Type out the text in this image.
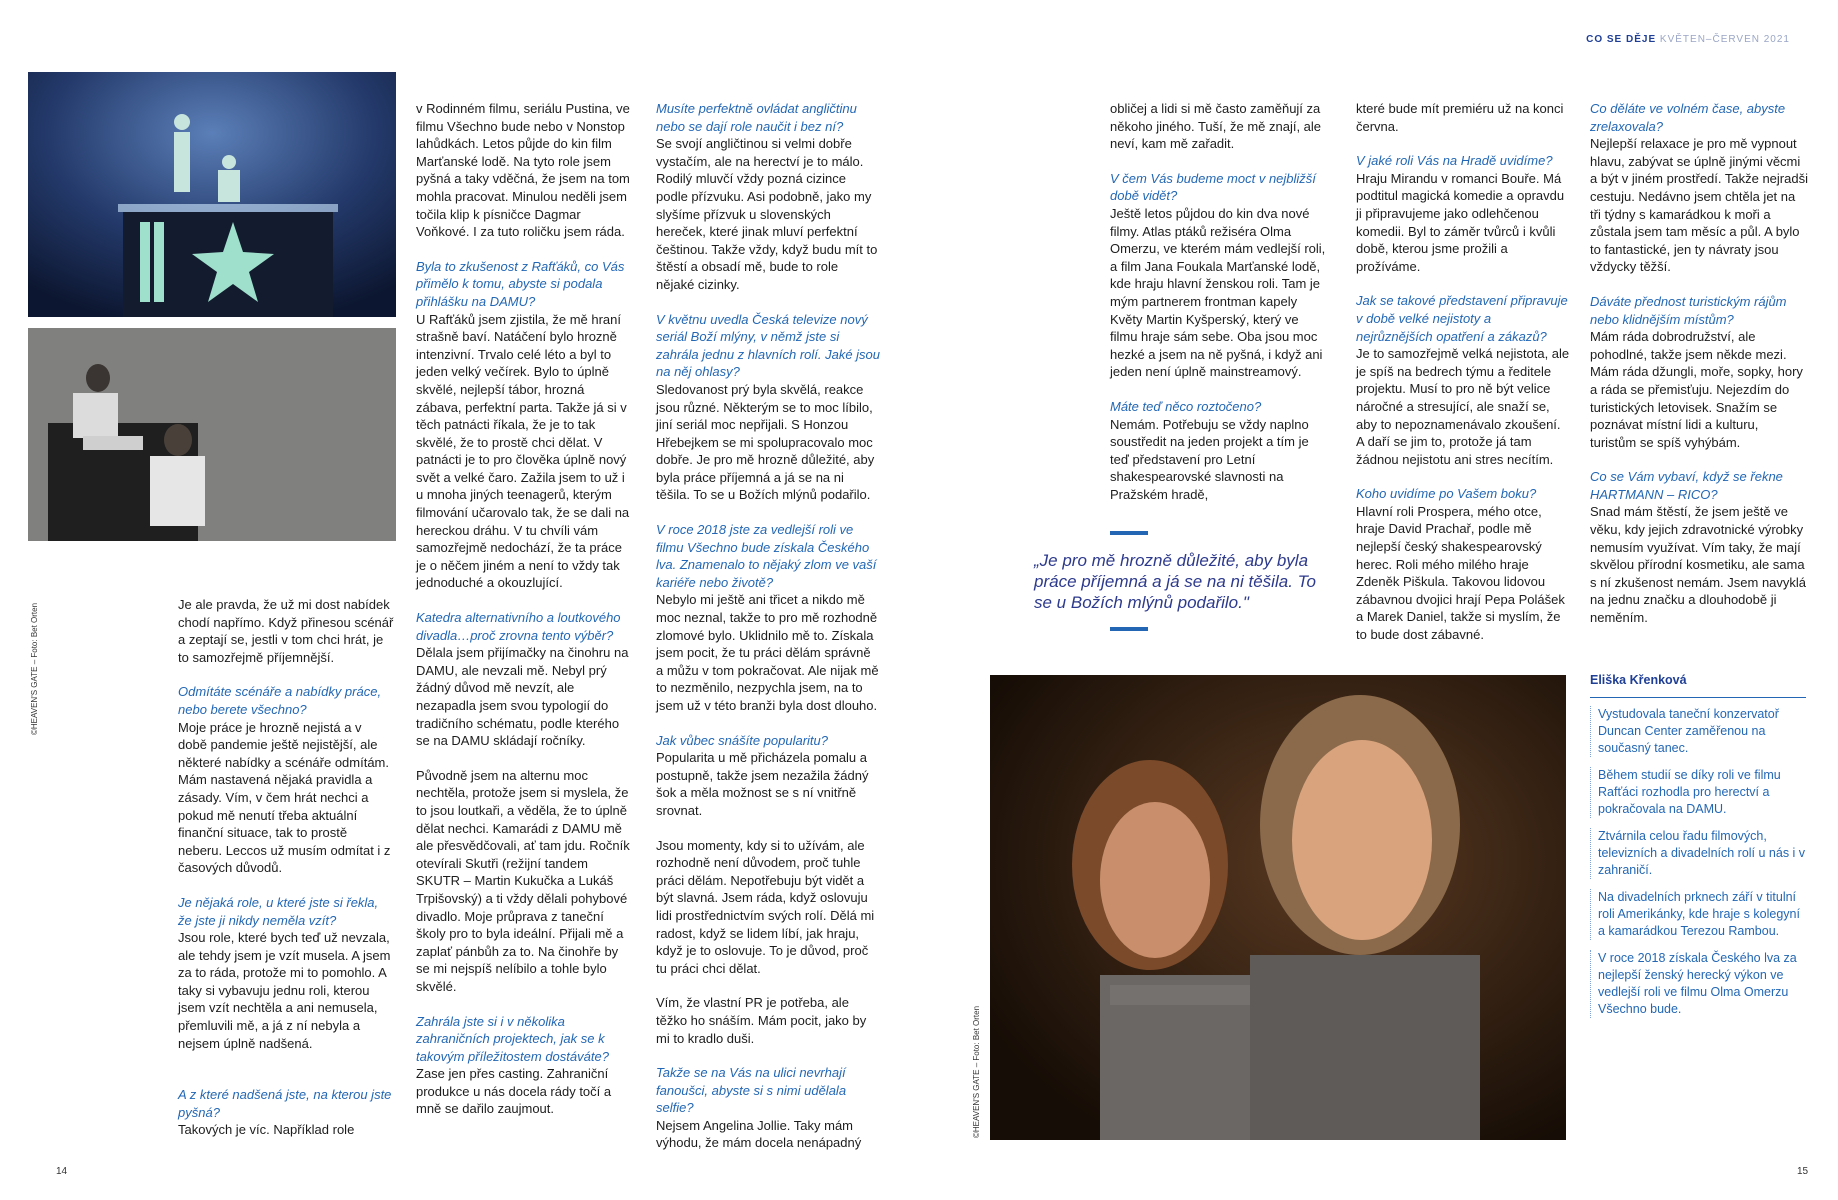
CO SE DĚJE KVĚTEN–ČERVEN 2021
©HEAVEN'S GATE – Foto: Bet Orten	Je ale pravda, že už mi dost nabídek chodí napřímo. Když přinesou scénář a zeptají se, jestli v tom chci hrát, je to samozřejmě příjemnější.

Odmítáte scénáře a nabídky práce, nebo berete všechno?
Moje práce je hrozně nejistá a v době pandemie ještě nejistější, ale některé nabídky a scénáře odmítám. Mám nastavená nějaká pravidla a zásady. Vím, v čem hrát nechci a pokud mě nenutí třeba aktuální finanční situace, tak to prostě neberu. Leccos už musím odmítat i z časových důvodů.

Je nějaká role, u které jste si řekla, že jste ji nikdy neměla vzít?
Jsou role, které bych teď už nevzala, ale tehdy jsem je vzít musela. A jsem za to ráda, protože mi to pomohlo. A taky si vybavuju jednu roli, kterou jsem vzít nechtěla a ani nemusela, přemluvili mě, a já z ní nebyla a nejsem úplně nadšená.

A z které nadšená jste, na kterou jste pyšná?
Takových je víc. Například role

v Rodinném filmu, seriálu Pustina, ve filmu Všechno bude nebo v Nonstop lahůdkách. Letos půjde do kin film Marťanské lodě. Na tyto role jsem pyšná a taky vděčná, že jsem na tom mohla pracovat. Minulou neděli jsem točila klip k písničce Dagmar Voňkové. I za tuto roličku jsem ráda.

Byla to zkušenost z Rafťáků, co Vás přimělo k tomu, abyste si podala přihlášku na DAMU?
U Rafťáků jsem zjistila, že mě hraní strašně baví. Natáčení bylo hrozně intenzivní. Trvalo celé léto a byl to jeden velký večírek. Bylo to úplně skvělé, nejlepší tábor, hrozná zábava, perfektní parta. Takže já si v těch patnácti říkala, že je to tak skvělé, že to prostě chci dělat. V patnácti je to pro člověka úplně nový svět a velké čaro. Zažila jsem to už i u mnoha jiných teenagerů, kterým filmování učarovalo tak, že se dali na hereckou dráhu. V tu chvíli vám samozřejmě nedochází, že ta práce je o něčem jiném a není to vždy tak jednoduché a okouzlující.

Katedra alternativního a loutkového divadla…proč zrovna tento výběr?
Dělala jsem přijímačky na činohru na DAMU, ale nevzali mě. Nebyl prý žádný důvod mě nevzít, ale nezapadla jsem svou typologií do tradičního schématu, podle kterého se na DAMU skládají ročníky.

Původně jsem na alternu moc nechtěla, protože jsem si myslela, že to jsou loutkaři, a věděla, že to úplně dělat nechci. Kamarádi z DAMU mě ale přesvědčovali, ať tam jdu. Ročník otevírali Skutři (režijní tandem SKUTR – Martin Kukučka a Lukáš Trpišovský) a ti vždy dělali pohybové divadlo. Moje průprava z taneční školy pro to byla ideální. Přijali mě a zaplať pánbůh za to. Na činohře by se mi nejspíš nelíbilo a tohle bylo skvělé.

Zahrála jste si i v několika zahraničních projektech, jak se k takovým příležitostem dostáváte?
Zase jen přes casting. Zahraniční produkce u nás docela rády točí a mně se dařilo zaujmout.

Musíte perfektně ovládat angličtinu nebo se dají role naučit i bez ní?
Se svojí angličtinou si velmi dobře vystačím, ale na herectví je to málo. Rodilý mluvčí vždy pozná cizince podle přízvuku. Asi podobně, jako my slyšíme přízvuk u slovenských hereček, které jinak mluví perfektní češtinou. Takže vždy, když budu mít to štěstí a obsadí mě, bude to role nějaké cizinky.

V květnu uvedla Česká televize nový seriál Boží mlýny, v němž jste si zahrála jednu z hlavních rolí. Jaké jsou na něj ohlasy?
Sledovanost prý byla skvělá, reakce jsou různé. Některým se to moc líbilo, jiní seriál moc nepřijali. S Honzou Hřebejkem se mi spolupracovalo moc dobře. Je pro mě hrozně důležité, aby byla práce příjemná a já se na ni těšila. To se u Božích mlýnů podařilo.

V roce 2018 jste za vedlejší roli ve filmu Všechno bude získala Českého lva. Znamenalo to nějaký zlom ve vaší kariéře nebo životě?
Nebylo mi ještě ani třicet a nikdo mě moc neznal, takže to pro mě rozhodně zlomové bylo. Uklidnilo mě to. Získala jsem pocit, že tu práci dělám správně a můžu v tom pokračovat. Ale nijak mě to nezměnilo, nezpychla jsem, na to jsem už v této branži byla dost dlouho.

Jak vůbec snášíte popularitu?
Popularita u mě přicházela pomalu a postupně, takže jsem nezažila žádný šok a měla možnost se s ní vnitřně srovnat.

Jsou momenty, kdy si to užívám, ale rozhodně není důvodem, proč tuhle práci dělám. Nepotřebuju být vidět a být slavná. Jsem ráda, když oslovuju lidi prostřednictvím svých rolí. Dělá mi radost, když se lidem líbí, jak hraju, když je to oslovuje. To je důvod, proč tu práci chci dělat.

Vím, že vlastní PR je potřeba, ale těžko ho snáším. Mám pocit, jako by mi to kradlo duši.

Takže se na Vás na ulici nevrhají fanoušci, abyste si s nimi udělala selfie?
Nejsem Angelina Jollie. Taky mám výhodu, že mám docela nenápadný

obličej a lidi si mě často zaměňují za někoho jiného. Tuší, že mě znají, ale neví, kam mě zařadit.

V čem Vás budeme moct v nejbližší době vidět?
Ještě letos půjdou do kin dva nové filmy. Atlas ptáků režiséra Olma Omerzu, ve kterém mám vedlejší roli, a film Jana Foukala Marťanské lodě, kde hraju hlavní ženskou roli. Tam je mým partnerem frontman kapely Květy Martin Kyšperský, který ve filmu hraje sám sebe. Oba jsou moc hezké a jsem na ně pyšná, i když ani jeden není úplně mainstreamový.

Máte teď něco roztočeno?
Nemám. Potřebuju se vždy naplno soustředit na jeden projekt a tím je teď představení pro Letní shakespearovské slavnosti na Pražském hradě,

„Je pro mě hrozně důležité, aby byla práce příjemná a já se na ni těšila. To se u Božích mlýnů podařilo."

které bude mít premiéru už na konci června.

V jaké roli Vás na Hradě uvidíme?
Hraju Mirandu v romanci Bouře. Má podtitul magická komedie a opravdu ji připravujeme jako odlehčenou komedii. Byl to záměr tvůrců i kvůli době, kterou jsme prožili a prožíváme.

Jak se takové představení připravuje v době velké nejistoty a nejrůznějších opatření a zákazů?
Je to samozřejmě velká nejistota, ale je spíš na bedrech týmu a ředitele projektu. Musí to pro ně být velice náročné a stresující, ale snaží se, aby to nepoznamenávalo zkoušení. A daří se jim to, protože já tam žádnou nejistotu ani stres necítím.

Koho uvidíme po Vašem boku?
Hlavní roli Prospera, mého otce, hraje David Prachař, podle mě nejlepší český shakespearovský herec. Roli mého milého hraje Zdeněk Piškula. Takovou lidovou zábavnou dvojici hrají Pepa Polášek a Marek Daniel, takže si myslím, že to bude dost zábavné.

Co děláte ve volném čase, abyste zrelaxovala?
Nejlepší relaxace je pro mě vypnout hlavu, zabývat se úplně jinými věcmi a být v jiném prostředí. Takže nejradši cestuju. Nedávno jsem chtěla jet na tři týdny s kamarádkou k moři a zůstala jsem tam měsíc a půl. A bylo to fantastické, jen ty návraty jsou vždycky těžší.

Dáváte přednost turistickým rájům nebo klidnějším místům?
Mám ráda dobrodružství, ale pohodlné, takže jsem někde mezi. Mám ráda džungli, moře, sopky, hory a ráda se přemisťuju. Nejezdím do turistických letovisek. Snažím se poznávat místní lidi a kulturu, turistům se spíš vyhýbám.

Co se Vám vybaví, když se řekne HARTMANN – RICO?
Snad mám štěstí, že jsem ještě ve věku, kdy jejich zdravotnické výrobky nemusím využívat. Vím taky, že mají skvělou přírodní kosmetiku, ale sama s ní zkušenost nemám. Jsem navyklá na jednu značku a dlouhodobě ji neměním.

©HEAVEN'S GATE – Foto: Bet Orten
Eliška Křenková
Vystudovala taneční konzervatoř Duncan Center zaměřenou na současný tanec.
Během studií se díky roli ve filmu Rafťáci rozhodla pro herectví a pokračovala na DAMU.
Ztvárnila celou řadu filmových, televizních a divadelních rolí u nás i v zahraničí.
Na divadelních prknech září v titulní roli Amerikánky, kde hraje s kolegyní a kamarádkou Terezou Rambou.
V roce 2018 získala Českého lva za nejlepší ženský herecký výkon ve vedlejší roli ve filmu Olma Omerzu Všechno bude.
14	15
